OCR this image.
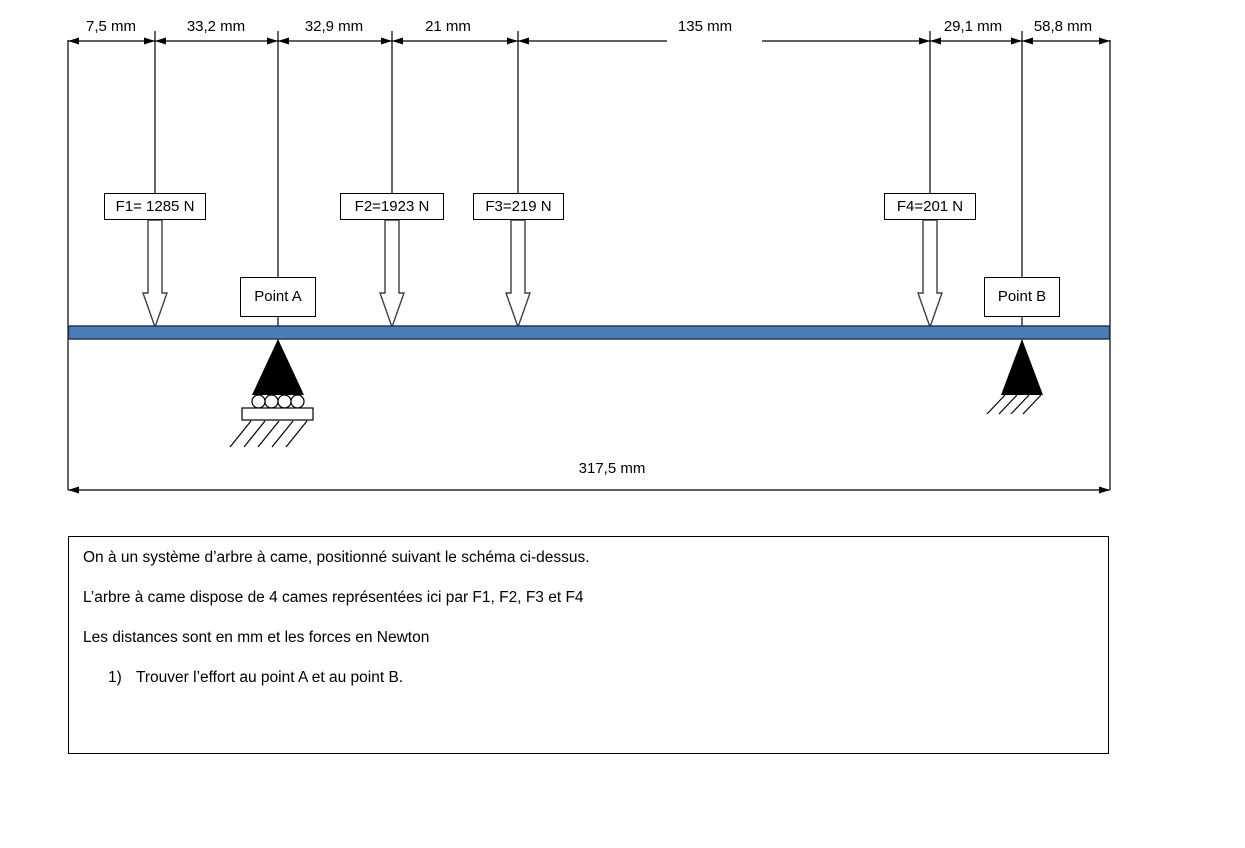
7,5 mm	33,2 mm	32,9 mm	21 mm	135 mm	29,1 mm 58,8 mm
F1= 1285 N	F2=1923 N	F3=219 N	F4=201 N
Point A	Point B
317,5 mm

On à un système d’arbre à came, positionné suivant le schéma ci-dessus.

L’arbre à came dispose de 4 cames représentées ici par F1, F2, F3 et F4

Les distances sont en mm et les forces en Newton

1) Trouver l’effort au point A et au point B.
